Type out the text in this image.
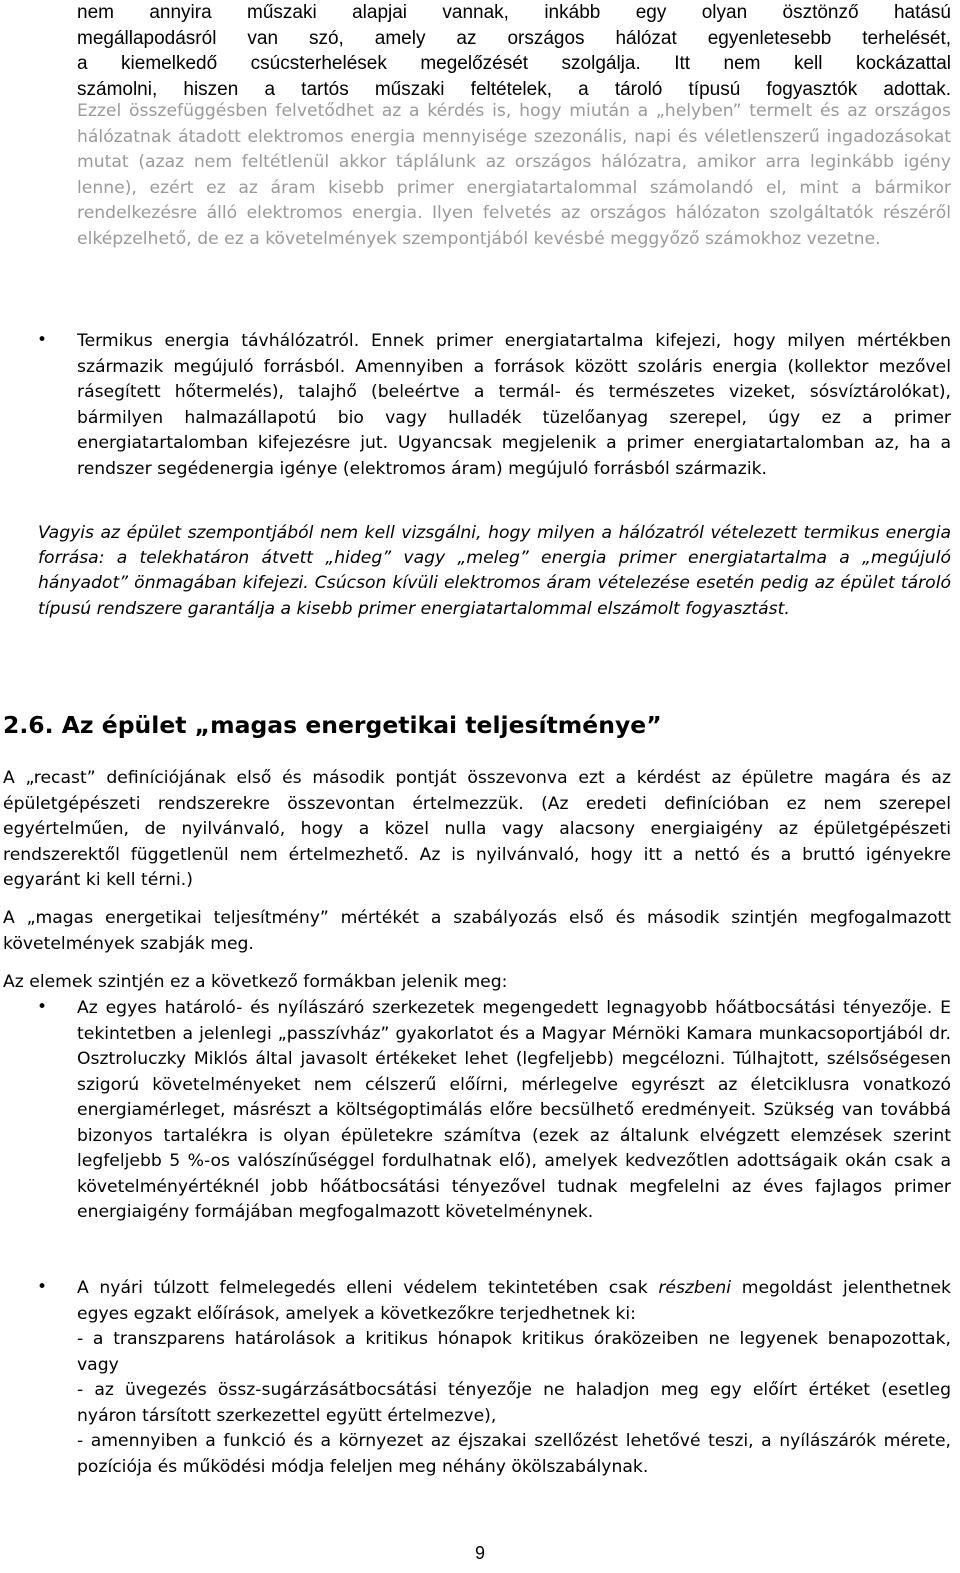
nem annyira műszaki alapjai vannak, inkább egy olyan ösztönző hatású
megállapodásról van szó, amely az országos hálózat egyenletesebb terhelését,
a kiemelkedő csúcsterhelések megelőzését szolgálja. Itt nem kell kockázattal
számolni, hiszen a tartós műszaki feltételek, a tároló típusú fogyasztók adottak.

Ezzel összefüggésben felvetődhet az a kérdés is, hogy miután a „helyben” termelt és az országos hálózatnak átadott elektromos energia mennyisége szezonális, napi és véletlenszerű ingadozásokat mutat (azaz nem feltétlenül akkor táplálunk az országos hálózatra, amikor arra leginkább igény lenne), ezért ez az áram kisebb primer energiatartalommal számolandó el, mint a bármikor rendelkezésre álló elektromos energia. Ilyen felvetés az országos hálózaton szolgáltatók részéről elképzelhető, de ez a követelmények szempontjából kevésbé meggyőző számokhoz vezetne.

• Termikus energia távhálózatról. Ennek primer energiatartalma kifejezi, hogy milyen mértékben származik megújuló forrásból. Amennyiben a források között szoláris energia (kollektor mezővel rásegített hőtermelés), talajhő (beleértve a termál- és természetes vizeket, sósvíztárolókat), bármilyen halmazállapotú bio vagy hulladék tüzelőanyag szerepel, úgy ez a primer energiatartalomban kifejezésre jut. Ugyancsak megjelenik a primer energiatartalomban az, ha a rendszer segédenergia igénye (elektromos áram) megújuló forrásból származik.

Vagyis az épület szempontjából nem kell vizsgálni, hogy milyen a hálózatról vételezett termikus energia forrása: a telekhatáron átvett „hideg” vagy „meleg” energia primer energiatartalma a „megújuló hányadot” önmagában kifejezi. Csúcson kívüli elektromos áram vételezése esetén pedig az épület tároló típusú rendszere garantálja a kisebb primer energiatartalommal elszámolt fogyasztást.

2.6. Az épület „magas energetikai teljesítménye”

A „recast” definíciójának első és második pontját összevonva ezt a kérdést az épületre magára és az épületgépészeti rendszerekre összevontan értelmezzük. (Az eredeti definícióban ez nem szerepel egyértelműen, de nyilvánvaló, hogy a közel nulla vagy alacsony energiaigény az épületgépészeti rendszerektől függetlenül nem értelmezhető. Az is nyilvánvaló, hogy itt a nettó és a bruttó igényekre egyaránt ki kell térni.)

A „magas energetikai teljesítmény” mértékét a szabályozás első és második szintjén megfogalmazott követelmények szabják meg.

Az elemek szintjén ez a következő formákban jelenik meg:

• Az egyes határoló- és nyílászáró szerkezetek megengedett legnagyobb hőátbocsátási tényezője. E tekintetben a jelenlegi „passzívház” gyakorlatot és a Magyar Mérnöki Kamara munkacsoportjából dr. Osztroluczky Miklós által javasolt értékeket lehet (legfeljebb) megcélozni. Túlhajtott, szélsőségesen szigorú követelményeket nem célszerű előírni, mérlegelve egyrészt az életciklusra vonatkozó energiamérleget, másrészt a költségoptimálás előre becsülhető eredményeit. Szükség van továbbá bizonyos tartalékra is olyan épületekre számítva (ezek az általunk elvégzett elemzések szerint legfeljebb 5 %-os valószínűséggel fordulhatnak elő), amelyek kedvezőtlen adottságaik okán csak a követelményértéknél jobb hőátbocsátási tényezővel tudnak megfelelni az éves fajlagos primer energiaigény formájában megfogalmazott követelménynek.

• A nyári túlzott felmelegedés elleni védelem tekintetében csak részbeni megoldást jelenthetnek egyes egzakt előírások, amelyek a következőkre terjedhetnek ki:

- a transzparens határolások a kritikus hónapok kritikus óraközeiben ne legyenek benapozottak, vagy

- az üvegezés össz-sugárzásátbocsátási tényezője ne haladjon meg egy előírt értéket (esetleg nyáron társított szerkezettel együtt értelmezve),

- amennyiben a funkció és a környezet az éjszakai szellőzést lehetővé teszi, a nyílászárók mérete, pozíciója és működési módja feleljen meg néhány ökölszabálynak.

9
